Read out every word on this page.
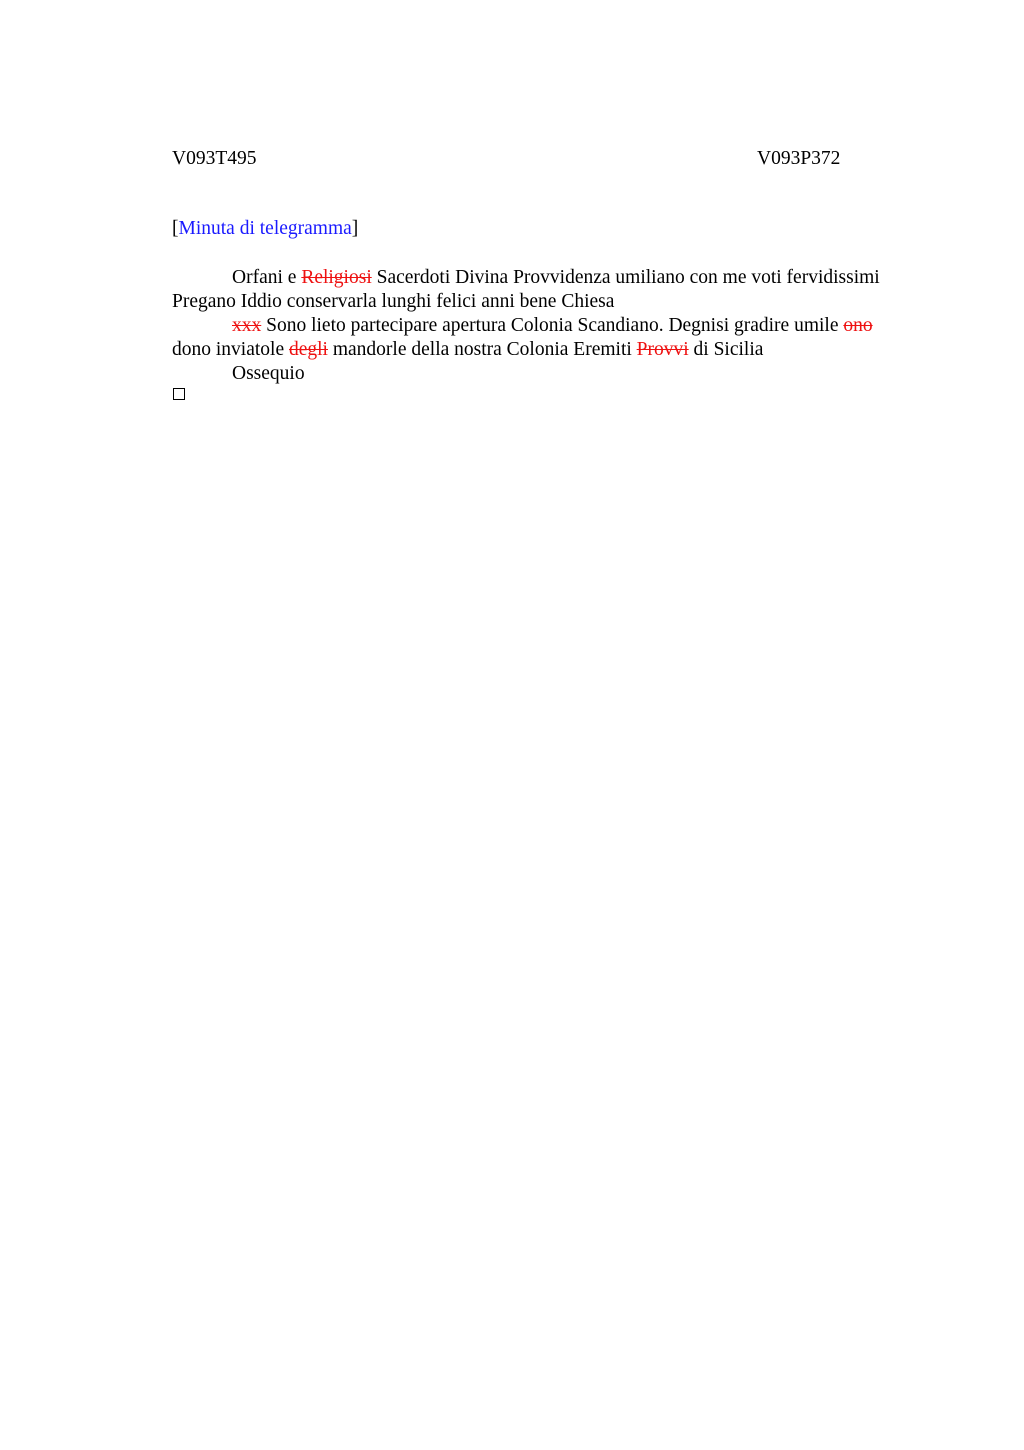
V093T495	V093P372
[Minuta di telegramma]
Orfani e Religiosi Sacerdoti Divina Provvidenza umiliano con me voti fervidissimi
Pregano Iddio conservarla lunghi felici anni bene Chiesa
xxx Sono lieto partecipare apertura Colonia Scandiano. Degnisi gradire umile ono
dono inviatole degli mandorle della nostra Colonia Eremiti Provvi di Sicilia
Ossequio
